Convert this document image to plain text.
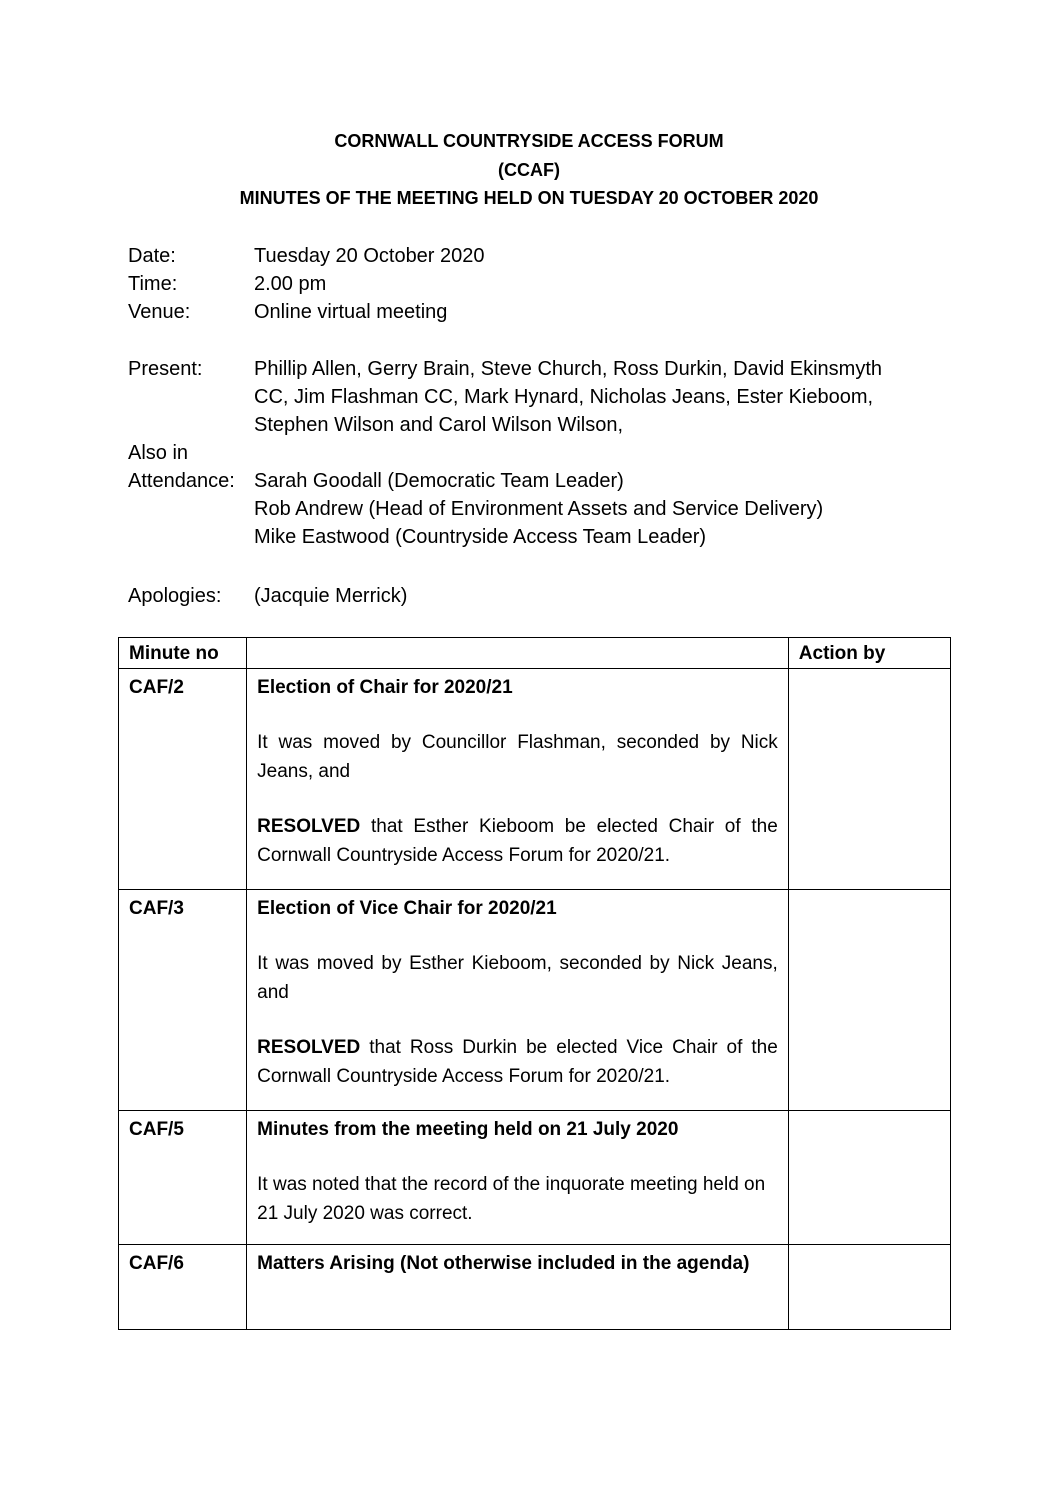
CORNWALL COUNTRYSIDE ACCESS FORUM
(CCAF)
MINUTES OF THE MEETING HELD ON TUESDAY 20 OCTOBER 2020
Date:	Tuesday 20 October 2020
Time:	2.00 pm
Venue:	Online virtual meeting
Present:	Phillip Allen, Gerry Brain, Steve Church, Ross Durkin, David Ekinsmyth
CC, Jim Flashman CC, Mark Hynard, Nicholas Jeans, Ester Kieboom,
Stephen Wilson and Carol Wilson Wilson,
Also in
Attendance: Sarah Goodall (Democratic Team Leader)
Rob Andrew (Head of Environment Assets and Service Delivery)
Mike Eastwood (Countryside Access Team Leader)
Apologies: (Jacquie Merrick)
Minute no		Action by
CAF/2	Election of Chair for 2020/21

It was moved by Councillor Flashman, seconded by Nick Jeans, and

RESOLVED that Esther Kieboom be elected Chair of the Cornwall Countryside Access Forum for 2020/21.	

CAF/3	Election of Vice Chair for 2020/21

It was moved by Esther Kieboom, seconded by Nick Jeans, and

RESOLVED that Ross Durkin be elected Vice Chair of the Cornwall Countryside Access Forum for 2020/21.	

CAF/5	Minutes from the meeting held on 21 July 2020

It was noted that the record of the inquorate meeting held on 21 July 2020 was correct.	

CAF/6	Matters Arising (Not otherwise included in the agenda)	
